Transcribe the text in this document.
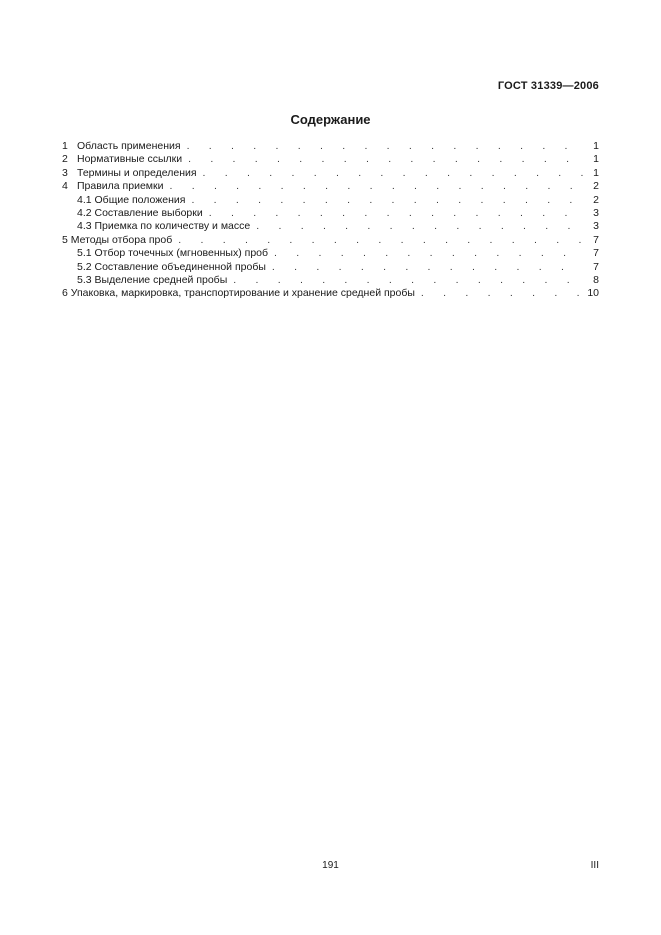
ГОСТ 31339—2006
Содержание
1 Область применения . . .	1
2 Нормативные ссылки . . .	1
3 Термины и определения . . .	1
4 Правила приемки . . .	2
4.1 Общие положения . . .	2
4.2 Составление выборки . . .	3
4.3 Приемка по количеству и массе . . .	3
5 Методы отбора проб . . .	7
5.1 Отбор точечных (мгновенных) проб . . .	7
5.2 Составление объединенной пробы . . .	7
5.3 Выделение средней пробы . . .	8
6 Упаковка, маркировка, транспортирование и хранение средней пробы . . .	10
191	III
